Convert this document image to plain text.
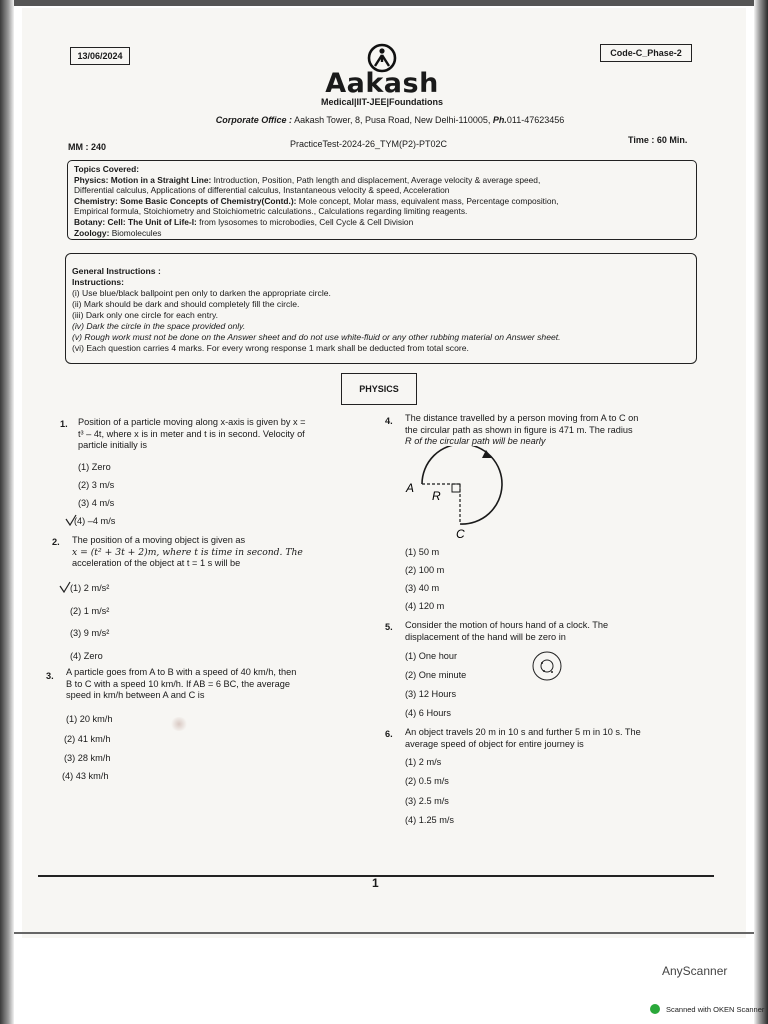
13/06/2024	Code-C_Phase-2
Aakash
Medical|IIT-JEE|Foundations
Corporate Office : Aakash Tower, 8, Pusa Road, New Delhi-110005, Ph.011-47623456
MM : 240	PracticeTest-2024-26_TYM(P2)-PT02C	Time : 60 Min.

Topics Covered:

Physics: Motion in a Straight Line: Introduction, Position, Path length and displacement, Average velocity & average speed,

Differential calculus, Applications of differential calculus, Instantaneous velocity & speed, Acceleration

Chemistry: Some Basic Concepts of Chemistry(Contd.): Mole concept, Molar mass, equivalent mass, Percentage composition,

Empirical formula, Stoichiometry and Stoichiometric calculations., Calculations regarding limiting reagents.

Botany: Cell: The Unit of Life-I: from lysosomes to microbodies, Cell Cycle & Cell Division

Zoology: Biomolecules

General Instructions :

Instructions:

(i) Use blue/black ballpoint pen only to darken the appropriate circle.

(ii) Mark should be dark and should completely fill the circle.

(iii) Dark only one circle for each entry.

(iv) Dark the circle in the space provided only.

(v) Rough work must not be done on the Answer sheet and do not use white-fluid or any other rubbing material on Answer sheet.

(vi) Each question carries 4 marks. For every wrong response 1 mark shall be deducted from total score.

PHYSICS
1. Position of a particle moving along x-axis is given by x =
t³ – 4t, where x is in meter and t is in second. Velocity of
particle initially is
(1) Zero
(2) 3 m/s
(3) 4 m/s
(4) –4 m/s
2. The position of a moving object is given as
x = (t² + 3t + 2)m, where t is time in second. The
acceleration of the object at t = 1 s will be
(1) 2 m/s²
(2) 1 m/s²
(3) 9 m/s²
(4) Zero
3. A particle goes from A to B with a speed of 40 km/h, then
B to C with a speed 10 km/h. If AB = 6 BC, the average
speed in km/h between A and C is
(1) 20 km/h
(2) 41 km/h
(3) 28 km/h
(4) 43 km/h
4. The distance travelled by a person moving from A to C on
the circular path as shown in figure is 471 m. The radius
R of the circular path will be nearly
A
R
C
(1) 50 m
(2) 100 m
(3) 40 m
(4) 120 m
5. Consider the motion of hours hand of a clock. The
displacement of the hand will be zero in
(1) One hour
(2) One minute
(3) 12 Hours
(4) 6 Hours
6. An object travels 20 m in 10 s and further 5 m in 10 s. The
average speed of object for entire journey is
(1) 2 m/s
(2) 0.5 m/s
(3) 2.5 m/s
(4) 1.25 m/s
1
AnyScanner
Scanned with OKEN Scanner
